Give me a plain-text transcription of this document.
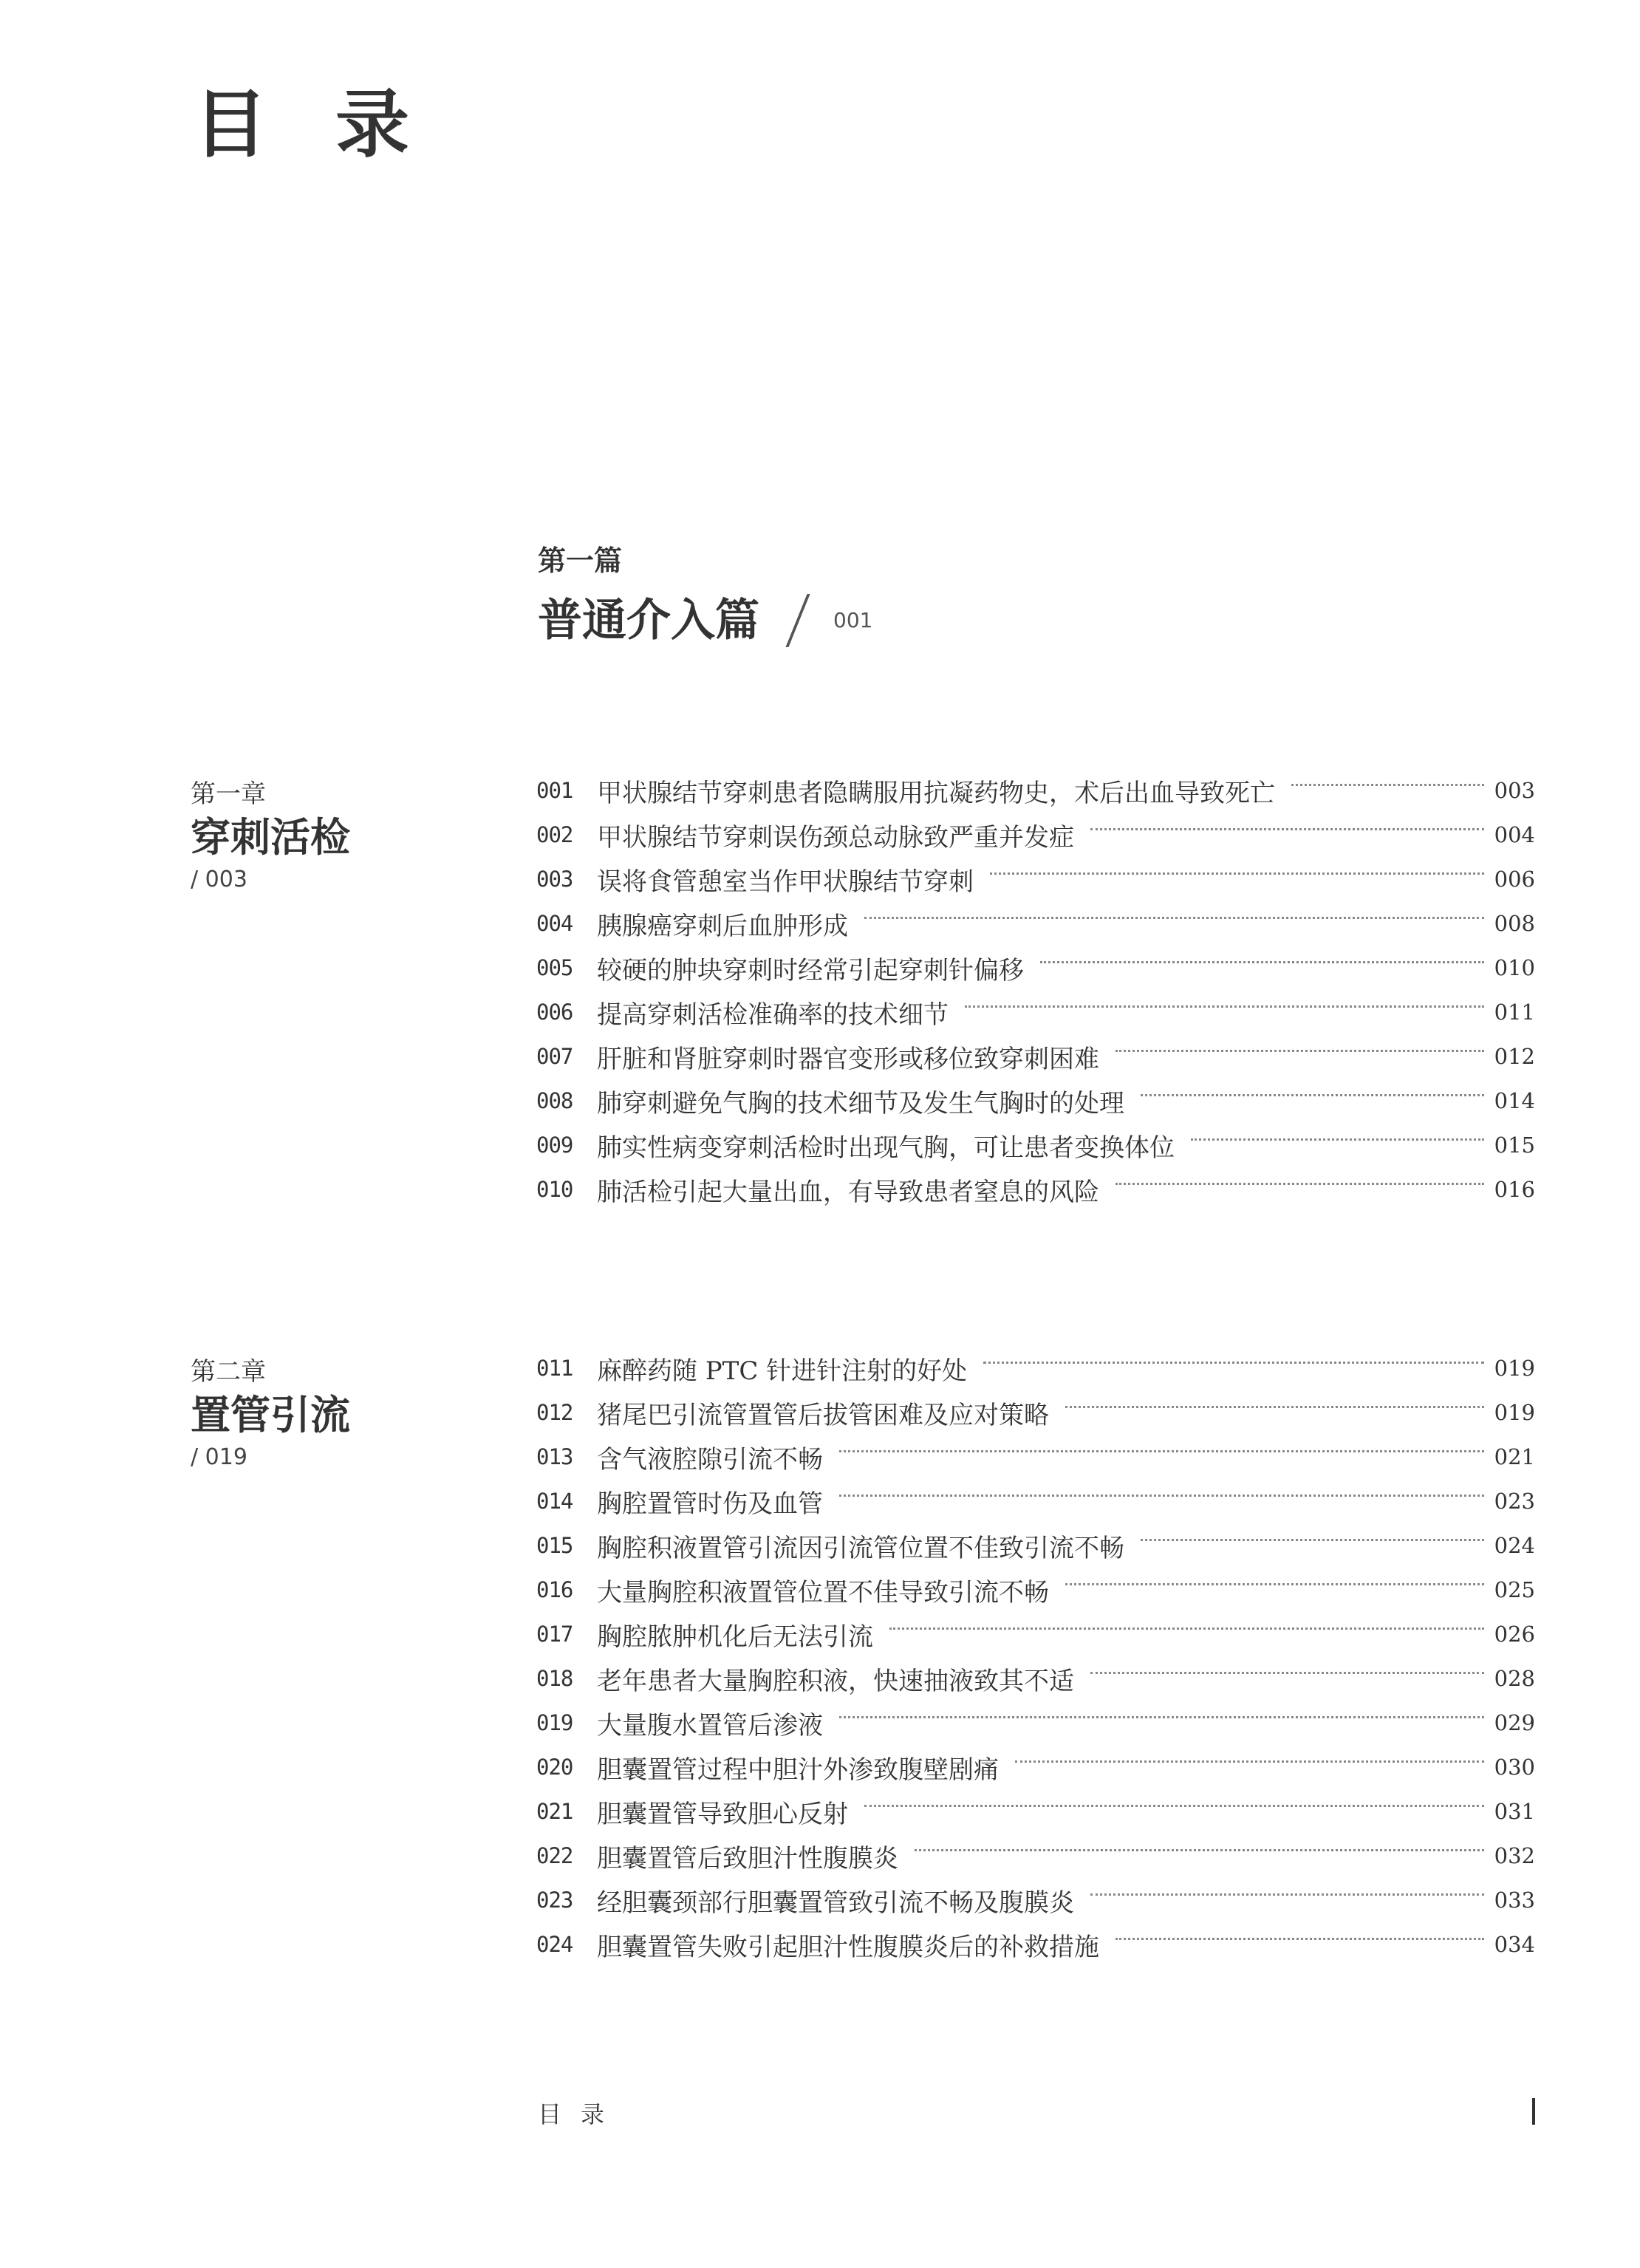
目录
第一篇
普通介入篇	001
第一章
穿刺活检
/ 003
001 甲状腺结节穿刺患者隐瞒服用抗凝药物史，术后出血导致死亡	003
002 甲状腺结节穿刺误伤颈总动脉致严重并发症	004
003 误将食管憩室当作甲状腺结节穿刺	006
004 胰腺癌穿刺后血肿形成	008
005 较硬的肿块穿刺时经常引起穿刺针偏移	010
006 提高穿刺活检准确率的技术细节	011
007 肝脏和肾脏穿刺时器官变形或移位致穿刺困难	012
008 肺穿刺避免气胸的技术细节及发生气胸时的处理	014
009 肺实性病变穿刺活检时出现气胸，可让患者变换体位	015
010 肺活检引起大量出血，有导致患者窒息的风险	016
第二章
置管引流
/ 019
011 麻醉药随 PTC 针进针注射的好处	019
012 猪尾巴引流管置管后拔管困难及应对策略	019
013 含气液腔隙引流不畅	021
014 胸腔置管时伤及血管	023
015 胸腔积液置管引流因引流管位置不佳致引流不畅	024
016 大量胸腔积液置管位置不佳导致引流不畅	025
017 胸腔脓肿机化后无法引流	026
018 老年患者大量胸腔积液，快速抽液致其不适	028
019 大量腹水置管后渗液	029
020 胆囊置管过程中胆汁外渗致腹壁剧痛	030
021 胆囊置管导致胆心反射	031
022 胆囊置管后致胆汁性腹膜炎	032
023 经胆囊颈部行胆囊置管致引流不畅及腹膜炎	033
024 胆囊置管失败引起胆汁性腹膜炎后的补救措施	034
目录
